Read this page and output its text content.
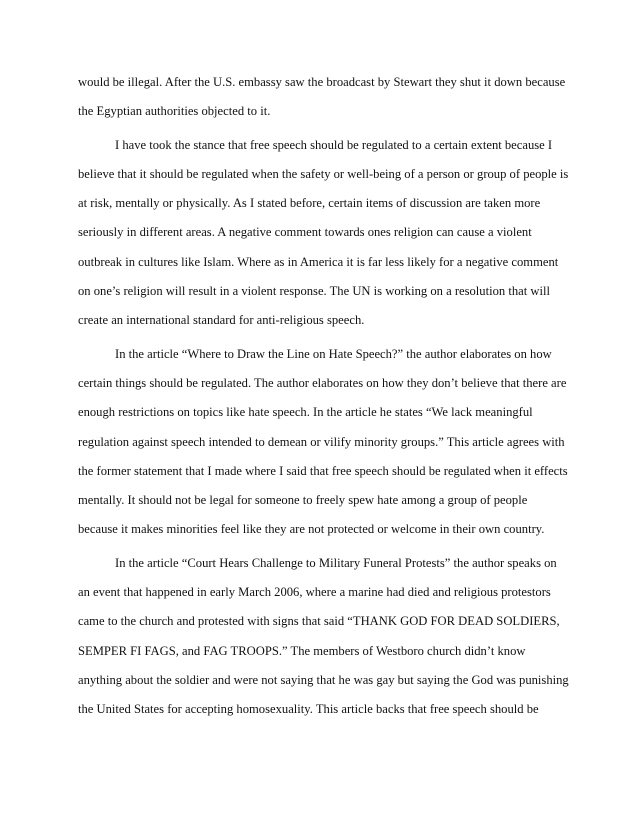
would be illegal. After the U.S. embassy saw the broadcast by Stewart they shut it down because
the Egyptian authorities objected to it.
I have took the stance that free speech should be regulated to a certain extent because I
believe that it should be regulated when the safety or well-being of a person or group of people is
at risk, mentally or physically. As I stated before, certain items of discussion are taken more
seriously in different areas. A negative comment towards ones religion can cause a violent
outbreak in cultures like Islam. Where as in America it is far less likely for a negative comment
on one’s religion will result in a violent response. The UN is working on a resolution that will
create an international standard for anti-religious speech.
In the article “Where to Draw the Line on Hate Speech?” the author elaborates on how
certain things should be regulated. The author elaborates on how they don’t believe that there are
enough restrictions on topics like hate speech. In the article he states “We lack meaningful
regulation against speech intended to demean or vilify minority groups.” This article agrees with
the former statement that I made where I said that free speech should be regulated when it effects
mentally. It should not be legal for someone to freely spew hate among a group of people
because it makes minorities feel like they are not protected or welcome in their own country.
In the article “Court Hears Challenge to Military Funeral Protests” the author speaks on
an event that happened in early March 2006, where a marine had died and religious protestors
came to the church and protested with signs that said “THANK GOD FOR DEAD SOLDIERS,
SEMPER FI FAGS, and FAG TROOPS.” The members of Westboro church didn’t know
anything about the soldier and were not saying that he was gay but saying the God was punishing
the United States for accepting homosexuality. This article backs that free speech should be
